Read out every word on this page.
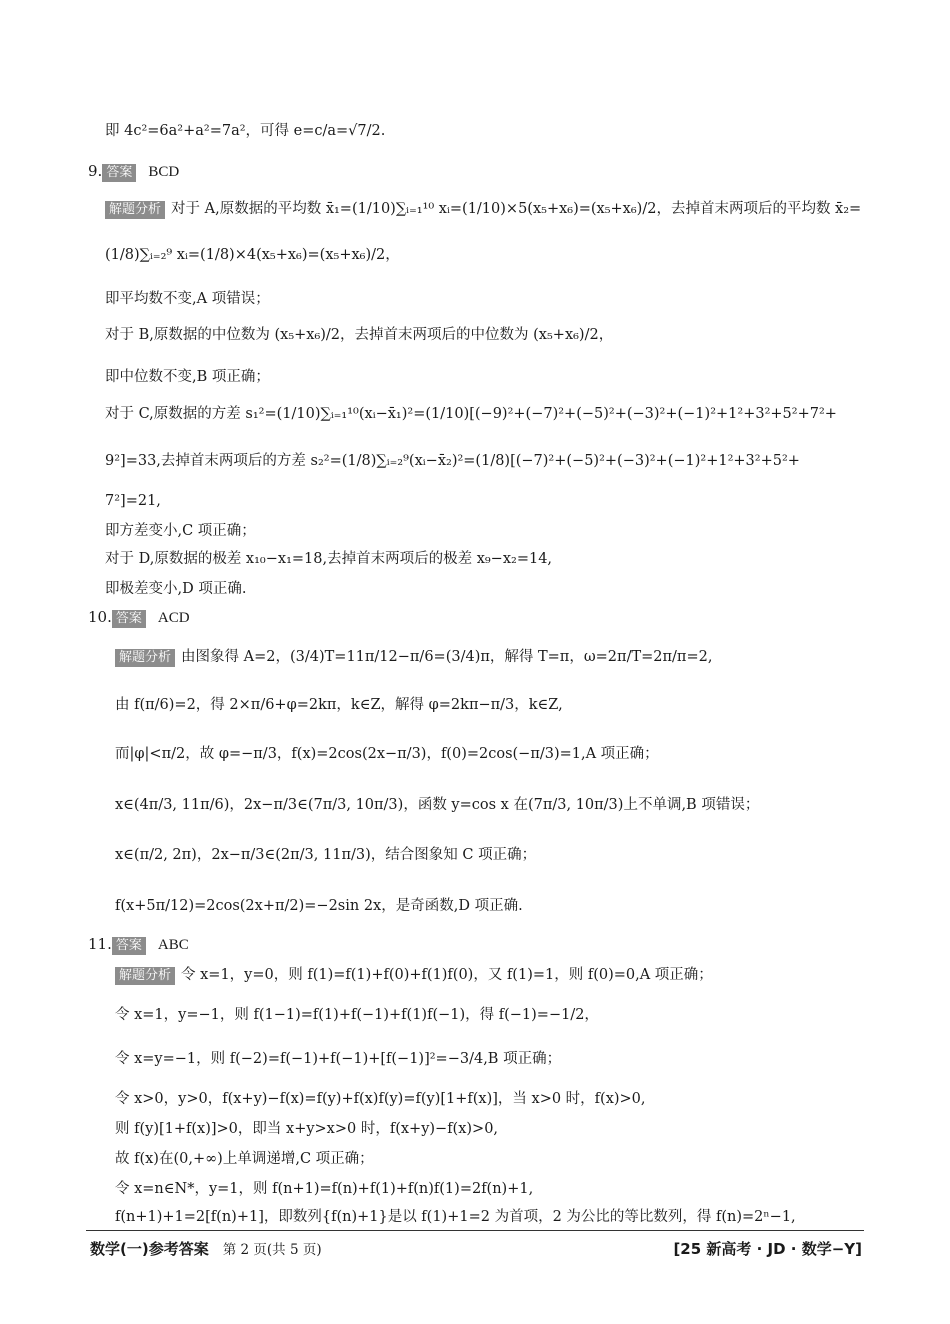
即 4c²=6a²+a²=7a²，可得 e=c/a=√7/2.
9. 答案 BCD
解题分析 对于 A,原数据的平均数 x̄₁=(1/10)∑ᵢ₌₁¹⁰ xᵢ=(1/10)×5(x₅+x₆)=(x₅+x₆)/2，去掉首末两项后的平均数 x̄₂=
(1/8)∑ᵢ₌₂⁹ xᵢ=(1/8)×4(x₅+x₆)=(x₅+x₆)/2，
即平均数不变,A 项错误；
对于 B,原数据的中位数为 (x₅+x₆)/2，去掉首末两项后的中位数为 (x₅+x₆)/2，
即中位数不变,B 项正确；
对于 C,原数据的方差 s₁²=(1/10)∑ᵢ₌₁¹⁰(xᵢ−x̄₁)²=(1/10)[(−9)²+(−7)²+(−5)²+(−3)²+(−1)²+1²+3²+5²+7²+
9²]=33,去掉首末两项后的方差 s₂²=(1/8)∑ᵢ₌₂⁹(xᵢ−x̄₂)²=(1/8)[(−7)²+(−5)²+(−3)²+(−1)²+1²+3²+5²+
7²]=21,
即方差变小,C 项正确；
对于 D,原数据的极差 x₁₀−x₁=18,去掉首末两项后的极差 x₉−x₂=14,
即极差变小,D 项正确.
10. 答案 ACD
解题分析 由图象得 A=2，(3/4)T=11π/12−π/6=(3/4)π，解得 T=π，ω=2π/T=2π/π=2,
由 f(π/6)=2，得 2×π/6+φ=2kπ，k∈Z，解得 φ=2kπ−π/3，k∈Z,
而|φ|<π/2，故 φ=−π/3，f(x)=2cos(2x−π/3)，f(0)=2cos(−π/3)=1,A 项正确；
x∈(4π/3, 11π/6)，2x−π/3∈(7π/3, 10π/3)，函数 y=cos x 在(7π/3, 10π/3)上不单调,B 项错误；
x∈(π/2, 2π)，2x−π/3∈(2π/3, 11π/3)，结合图象知 C 项正确；
f(x+5π/12)=2cos(2x+π/2)=−2sin 2x，是奇函数,D 项正确.
11. 答案 ABC
解题分析 令 x=1，y=0，则 f(1)=f(1)+f(0)+f(1)f(0)，又 f(1)=1，则 f(0)=0,A 项正确；
令 x=1，y=−1，则 f(1−1)=f(1)+f(−1)+f(1)f(−1)，得 f(−1)=−1/2，
令 x=y=−1，则 f(−2)=f(−1)+f(−1)+[f(−1)]²=−3/4,B 项正确；
令 x>0，y>0，f(x+y)−f(x)=f(y)+f(x)f(y)=f(y)[1+f(x)]，当 x>0 时，f(x)>0,
则 f(y)[1+f(x)]>0，即当 x+y>x>0 时，f(x+y)−f(x)>0,
故 f(x)在(0,+∞)上单调递增,C 项正确；
令 x=n∈N*，y=1，则 f(n+1)=f(n)+f(1)+f(n)f(1)=2f(n)+1,
f(n+1)+1=2[f(n)+1]，即数列{f(n)+1}是以 f(1)+1=2 为首项，2 为公比的等比数列，得 f(n)=2ⁿ−1,
数学(一)参考答案 第 2 页(共 5 页)	[25 新高考 · JD · 数学−Y]
